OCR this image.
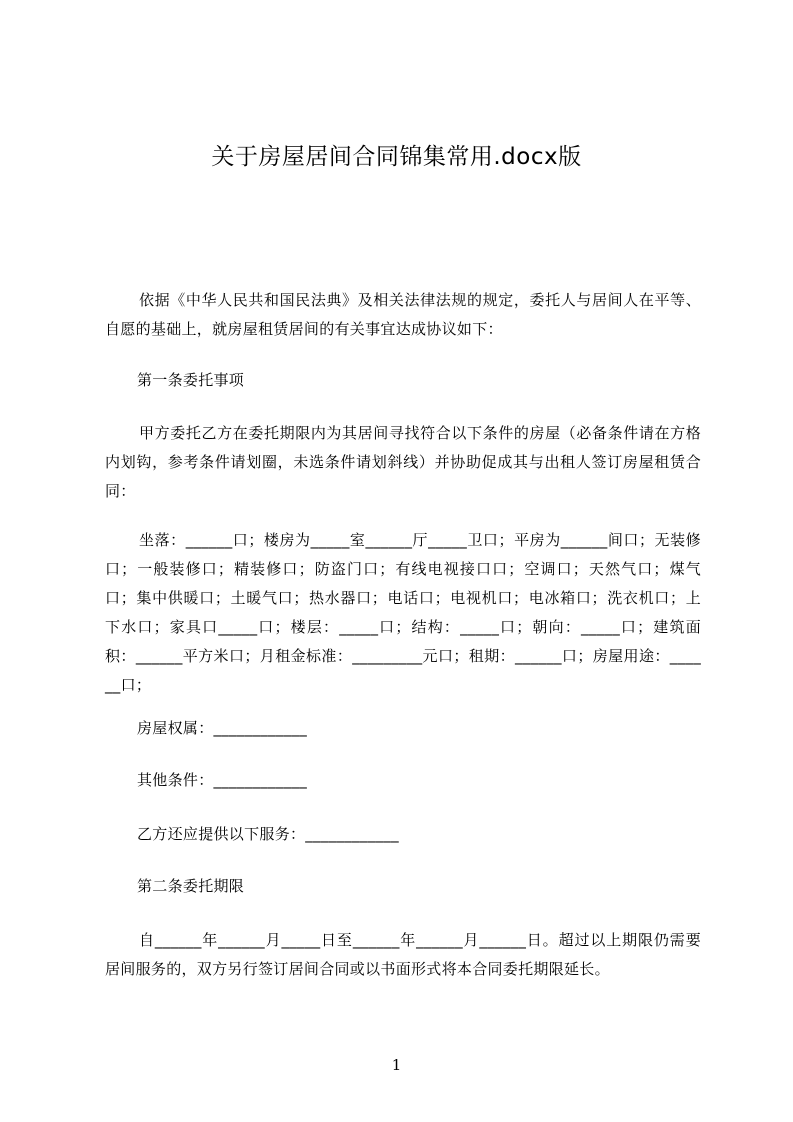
关于房屋居间合同锦集常用.docx版

依据《中华人民共和国民法典》及相关法律法规的规定，委托人与居间人在平等、自愿的基础上，就房屋租赁居间的有关事宜达成协议如下：

第一条委托事项

甲方委托乙方在委托期限内为其居间寻找符合以下条件的房屋（必备条件请在方格内划钩，参考条件请划圈，未选条件请划斜线）并协助促成其与出租人签订房屋租赁合同：

坐落：______口；楼房为_____室______厅_____卫口；平房为______间口；无装修口；一般装修口；精装修口；防盗门口；有线电视接口口；空调口；天然气口；煤气口；集中供暖口；土暖气口；热水器口；电话口；电视机口；电冰箱口；洗衣机口；上下水口；家具口_____口；楼层：_____口；结构：_____口；朝向：_____口；建筑面积：______平方米口；月租金标准：_________元口；租期：______口；房屋用途：______口；

房屋权属：____________

其他条件：____________

乙方还应提供以下服务：____________

第二条委托期限

自______年______月_____日至______年______月______日。超过以上期限仍需要居间服务的，双方另行签订居间合同或以书面形式将本合同委托期限延长。

1
